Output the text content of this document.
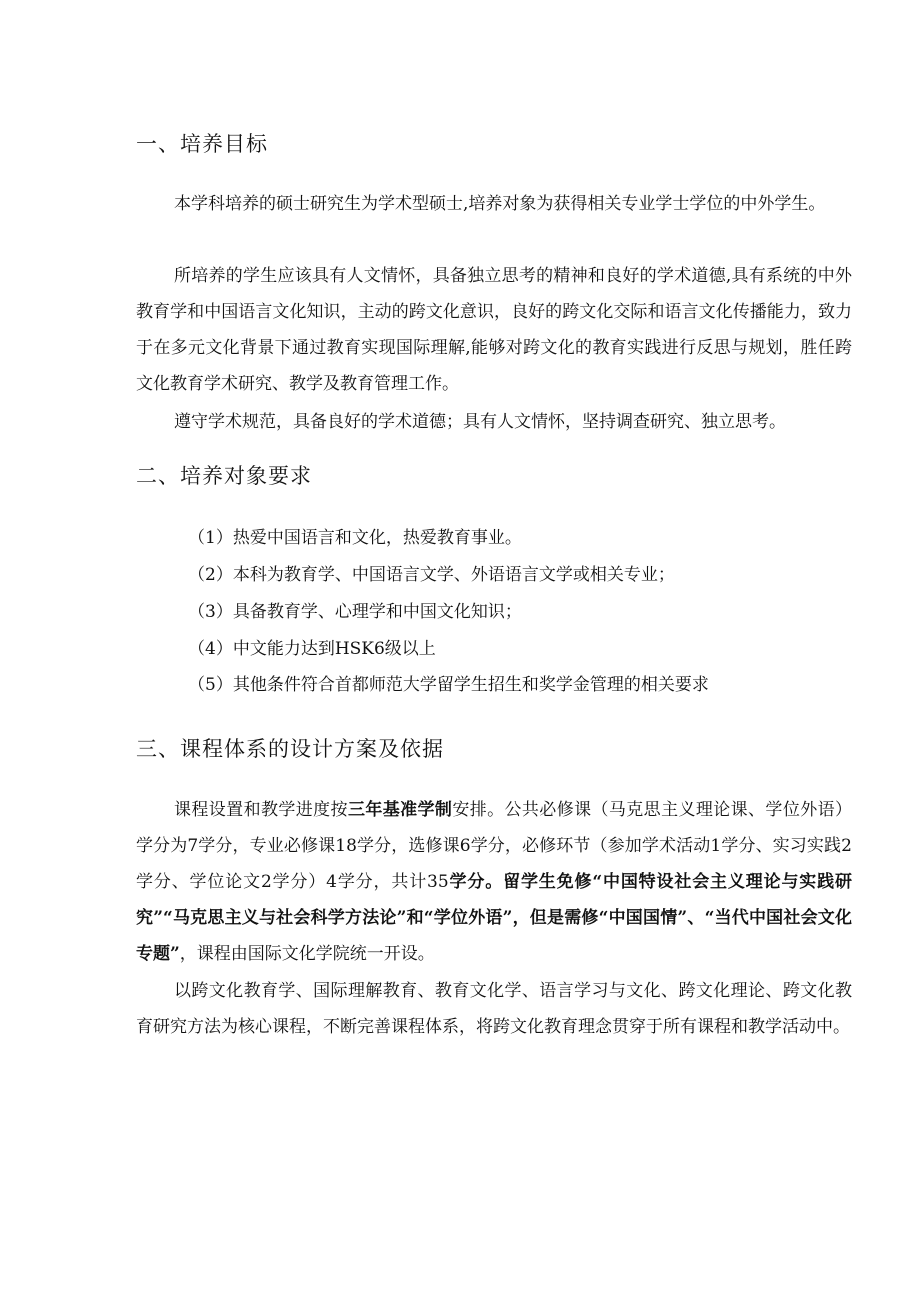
一、培养目标

本学科培养的硕士研究生为学术型硕士,培养对象为获得相关专业学士学位的中外学生。

所培养的学生应该具有人文情怀，具备独立思考的精神和良好的学术道德,具有系统的中外教育学和中国语言文化知识，主动的跨文化意识，良好的跨文化交际和语言文化传播能力，致力于在多元文化背景下通过教育实现国际理解,能够对跨文化的教育实践进行反思与规划，胜任跨文化教育学术研究、教学及教育管理工作。

遵守学术规范，具备良好的学术道德；具有人文情怀，坚持调查研究、独立思考。

二、培养对象要求

（1）热爱中国语言和文化，热爱教育事业。

（2）本科为教育学、中国语言文学、外语语言文学或相关专业；

（3）具备教育学、心理学和中国文化知识；

（4）中文能力达到HSK6级以上

（5）其他条件符合首都师范大学留学生招生和奖学金管理的相关要求

三、课程体系的设计方案及依据

课程设置和教学进度按三年基准学制安排。公共必修课（马克思主义理论课、学位外语）学分为7学分，专业必修课18学分，选修课6学分，必修环节（参加学术活动1学分、实习实践2学分、学位论文2学分）4学分，共计35学分。留学生免修“中国特设社会主义理论与实践研究”“马克思主义与社会科学方法论”和“学位外语”，但是需修“中国国情”、“当代中国社会文化专题”，课程由国际文化学院统一开设。

以跨文化教育学、国际理解教育、教育文化学、语言学习与文化、跨文化理论、跨文化教育研究方法为核心课程，不断完善课程体系，将跨文化教育理念贯穿于所有课程和教学活动中。
